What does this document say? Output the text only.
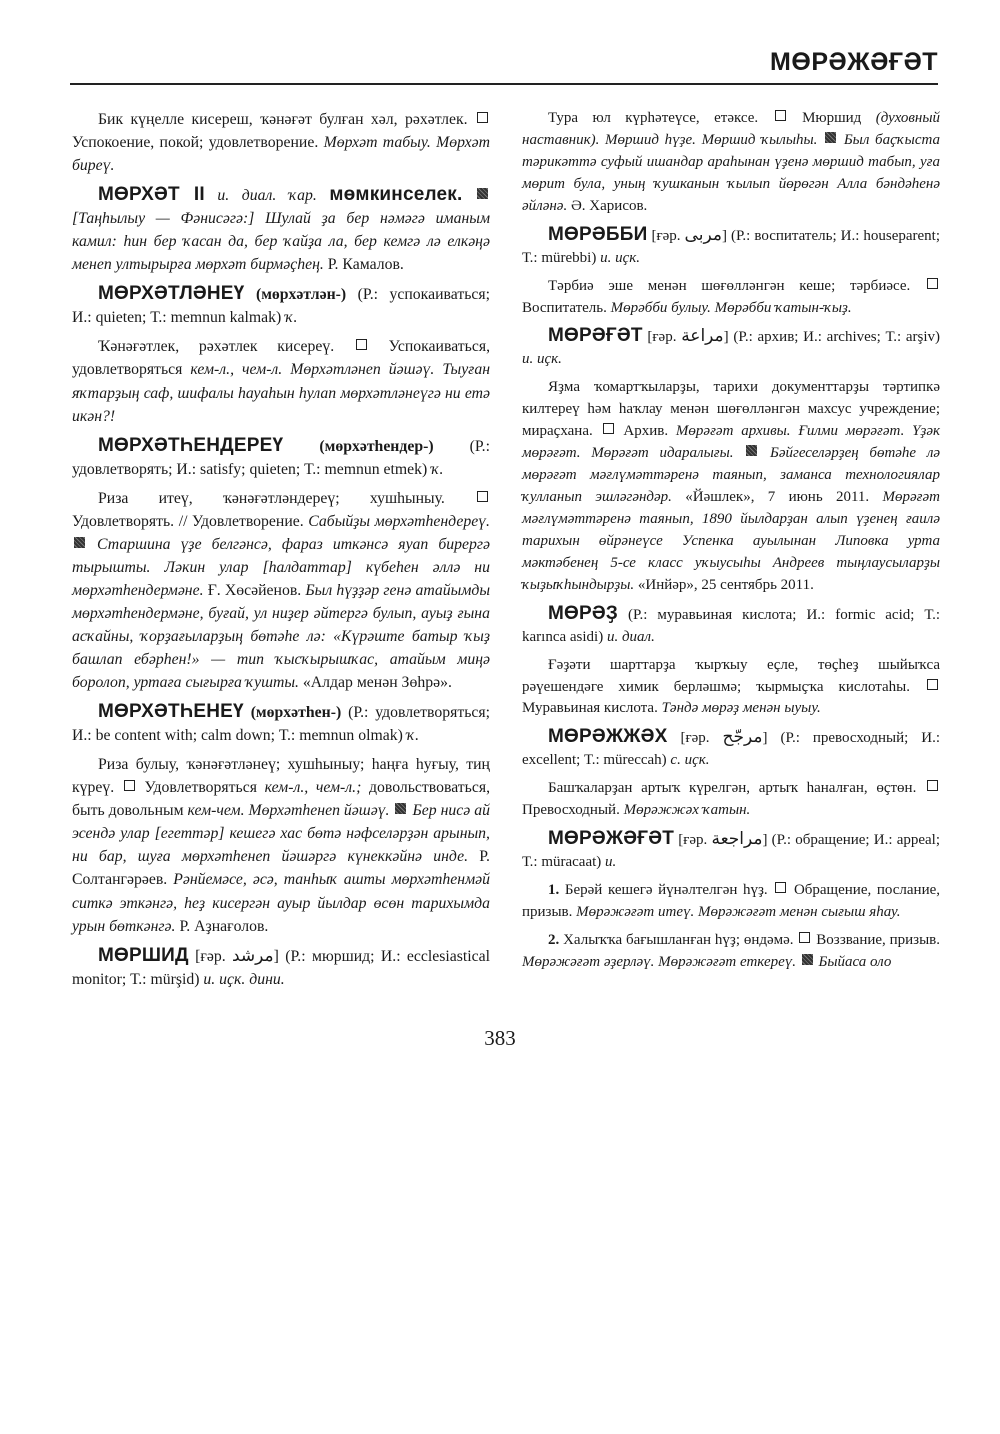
МӨРӘЖӘҒӘТ

Бик күңелле кисереш, ҡәнәғәт булған хәл, рәхәтлек.  Успокоение, покой; удовлетворение. Мөрхәт табыу. Мөрхәт биреү.

МӨРХӘТ II и. диал. ҡар. мөмкинселек.  [Таңһылыу — Фәнисәгә:] Шулай ҙа бер нәмәгә иманым камил: һин бер ҡасан да, бер ҡайҙа ла, бер кемгә лә елкәңә менеп ултырырға мөрхәт бирмәҫһең. Р. Камалов.

МӨРХӘТЛӘНЕҮ (мөрхәтлән-) (Р.: успокаиваться; И.: quieten; Т.: memnun kalmak) ҡ.

Ҡәнәғәтлек, рәхәтлек кисереү.	Успокаиваться, удовлетворяться кем-л., чем-л. Мөрхәтләнеп йәшәү. Тыуған яҡтарҙың саф, шифалы һауаһын һулап мөрхәтләнеүгә ни етә икән?!

МӨРХӘТҺЕНДЕРЕҮ (мөрхәтһендер-) (Р.: удовлетворять; И.: satisfy; quieten; Т.: memnun etmek) ҡ.

Риза итеү, ҡәнәғәтләндереү; хушһыныу.  Удовлетворять. // Удовлетворение. Сабыйҙы мөрхәтһендереү.  Старшина үҙе белгәнсә, фараз иткәнсә яуап бирергә тырышты. Ләкин улар [һалдаттар] күбеһен әллә ни мөрхәтһендермәне. Ғ. Хөсәйенов. Был һүҙҙәр генә атайымды мөрхәтһендермәне, буғай, ул ниҙер әйтергә булып, ауыҙ ғына асҡайны, ҡорҙағыларҙың бөтәһе лә: «Күрәште батыр ҡыҙ башлап ебәрһен!» — тип ҡысҡырышҡас, атайым миңә боролоп, уртаға сығырға ҡушты. «Алдар менән Зөһрә».

МӨРХӘТҺЕНЕҮ (мөрхәтһен-) (Р.: удовлетворяться; И.: be content with; calm down; Т.: memnun olmak) ҡ.

Риза булыу, ҡәнәғәтләнеү; хушһыныу; һаңға һуғыу, тиң күреү. Удовлетворяться кем-л., чем-л.; довольствоваться, быть довольным кем-чем. Мөрхәтһенеп йәшәү. Бер нисә ай эсендә улар [егеттәр] кешегә хас бөтә нәфселәрҙән арынып, ни бар, шуға мөрхәтһенеп йәшәргә күнеккәйнә инде. Р. Солтангәрәев. Рәнйемәсе, әсә, танһыҡ ашты мөрхәтһенмәй ситкә эткәнгә, һеҙ кисергән ауыр йылдар өсөн тарихымда урын бөткәнгә. Р. Аҙнағолов.

МӨРШИД [ғәр. مرشد] (Р.: мюршид; И.: ecclesiastical monitor; Т.: mürşid) и. иҫк. дини.

Тура юл күрһәтеүсе, етәксе.	Мюршид (духовный наставник). Мөршид һүҙе. Мөршид ҡылыһы. Был баҫҡыста тәрикәттә суфый ишандар араһынан үҙенә мөршид табып, уға мөрит була, уның ҡушканын ҡылып йөрөгән Алла бәндәһенә әйләнә. Ә. Харисов.

МӨРӘББИ [ғәр. مربى] (Р.: воспитатель; И.: houseparent; Т.: mürebbi) и. иҫк.

Тәрбиә эше менән шөғөлләнгән кеше; тәрбиәсе.  Воспитатель. Мөрәбби булыу. Мөрәбби ҡатын-ҡыҙ.

МӨРӘҒӘТ [ғәр. مراعة] (Р.: архив; И.: archives; Т.: arşiv) и. иҫк.

Яҙма ҡомартҡыларҙы, тарихи документтарҙы тәртипкә килтереү һәм һаҡлау менән шөғөлләнгән махсус учреждение; мираҫхана. Архив. Мөрәғәт архивы. Ғилми мөрәғәт. Үҙәк мөрәғәт. Мөрәғәт идаралығы. Бәйгеселәрҙең бөтәһе лә мөрәғәт мәғлүмәттәренә таянып, заманса технологиялар ҡулланып эшләгәндәр. «Йәшлек», 7 июнь 2011. Мөрәғәт мәғлүмәттәренә таянып, 1890 йылдарҙан алып үҙенең ғаилә тарихын өйрәнеүсе Успенка ауылынан Липовка урта мәктәбенең 5-се класс уҡыусыһы Андреев тыңлаусыларҙы ҡыҙыҡһындырҙы. «Инйәр», 25 сентябрь 2011.

МӨРӘҘ (Р.: муравьиная кислота; И.: formic acid; Т.: karınca asidi) и. диал.

Ғәҙәти шарттарҙа ҡырҡыу еҫле, төҫһеҙ шыйыҡса рәүешендәге химик берләшмә; ҡырмыҫҡа кислотаһы.  Муравьиная кислота. Тәндә мөрәҙ менән ыуыу.

МӨРӘЖЖӘХ [ғәр. مرجّح] (Р.: превосходный; И.: excellent; Т.: mürecсah) с. иҫк.

Башҡаларҙан артыҡ күрелгән, артыҡ һаналған, өҫтөн.  Превосходный. Мөрәжжәх ҡатын.

МӨРӘЖӘҒӘТ [ғәр. مراجعة] (Р.: обращение; И.: appeal; Т.: müracaat) и.

1. Берәй кешегә йүнәлтелгән һүҙ. Обращение, послание, призыв. Мөрәжәғәт итеү. Мөрәжәғәт менән сығыш яһау.

2. Халыҡҡа бағышланған һүҙ; өндәмә. Воззвание, призыв. Мөрәжәғәт әҙерләү. Мөрәжәғәт еткереү. Быйаса оло

383
